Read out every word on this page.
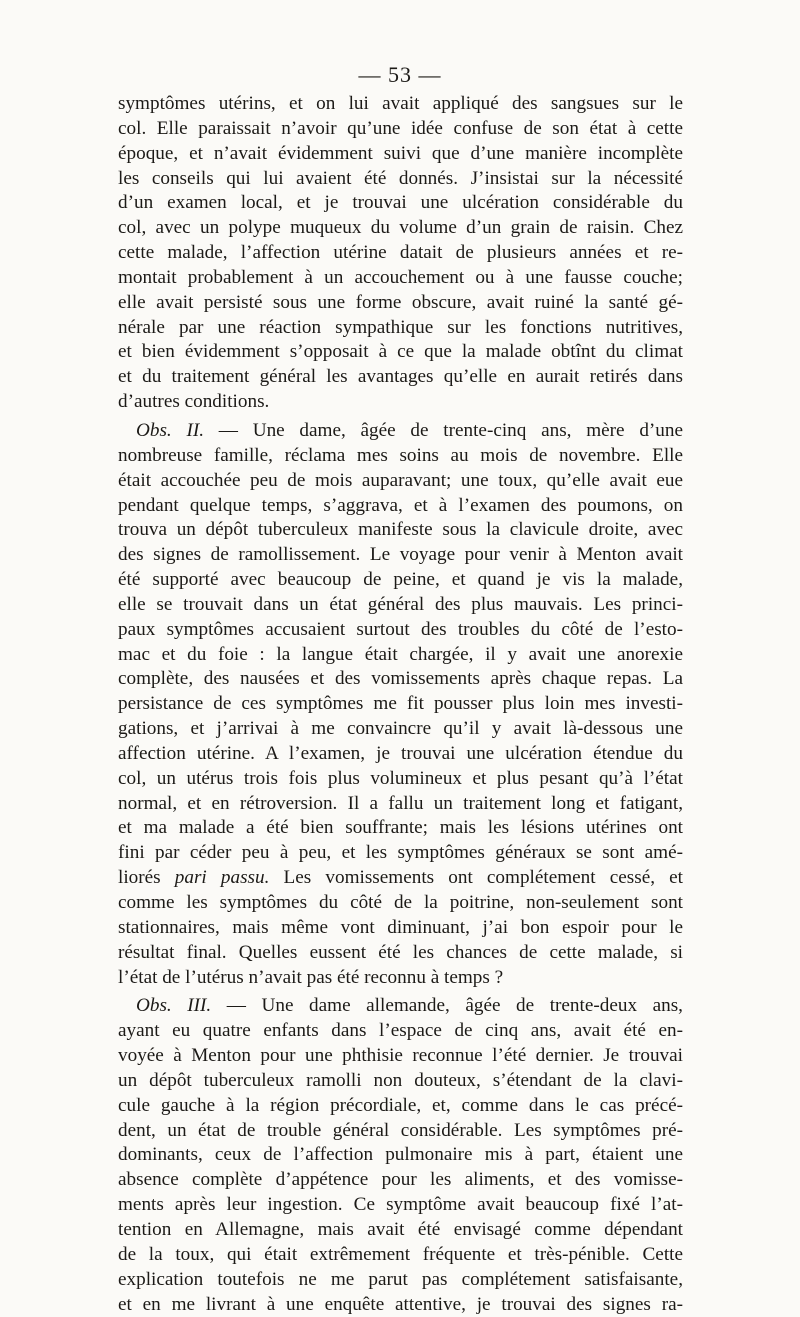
— 53 —
symptômes utérins, et on lui avait appliqué des sangsues sur le
col. Elle paraissait n’avoir qu’une idée confuse de son état à cette
époque, et n’avait évidemment suivi que d’une manière incomplète
les conseils qui lui avaient été donnés. J’insistai sur la nécessité
d’un examen local, et je trouvai une ulcération considérable du
col, avec un polype muqueux du volume d’un grain de raisin. Chez
cette malade, l’affection utérine datait de plusieurs années et re-
montait probablement à un accouchement ou à une fausse couche;
elle avait persisté sous une forme obscure, avait ruiné la santé gé-
nérale par une réaction sympathique sur les fonctions nutritives,
et bien évidemment s’opposait à ce que la malade obtînt du climat
et du traitement général les avantages qu’elle en aurait retirés dans
d’autres conditions.
Obs. II. — Une dame, âgée de trente-cinq ans, mère d’une
nombreuse famille, réclama mes soins au mois de novembre. Elle
était accouchée peu de mois auparavant; une toux, qu’elle avait eue
pendant quelque temps, s’aggrava, et à l’examen des poumons, on
trouva un dépôt tuberculeux manifeste sous la clavicule droite, avec
des signes de ramollissement. Le voyage pour venir à Menton avait
été supporté avec beaucoup de peine, et quand je vis la malade,
elle se trouvait dans un état général des plus mauvais. Les princi-
paux symptômes accusaient surtout des troubles du côté de l’esto-
mac et du foie : la langue était chargée, il y avait une anorexie
complète, des nausées et des vomissements après chaque repas. La
persistance de ces symptômes me fit pousser plus loin mes investi-
gations, et j’arrivai à me convaincre qu’il y avait là-dessous une
affection utérine. A l’examen, je trouvai une ulcération étendue du
col, un utérus trois fois plus volumineux et plus pesant qu’à l’état
normal, et en rétroversion. Il a fallu un traitement long et fatigant,
et ma malade a été bien souffrante; mais les lésions utérines ont
fini par céder peu à peu, et les symptômes généraux se sont amé-
liorés pari passu. Les vomissements ont complétement cessé, et
comme les symptômes du côté de la poitrine, non-seulement sont
stationnaires, mais même vont diminuant, j’ai bon espoir pour le
résultat final. Quelles eussent été les chances de cette malade, si
l’état de l’utérus n’avait pas été reconnu à temps ?
Obs. III. — Une dame allemande, âgée de trente-deux ans,
ayant eu quatre enfants dans l’espace de cinq ans, avait été en-
voyée à Menton pour une phthisie reconnue l’été dernier. Je trouvai
un dépôt tuberculeux ramolli non douteux, s’étendant de la clavi-
cule gauche à la région précordiale, et, comme dans le cas précé-
dent, un état de trouble général considérable. Les symptômes pré-
dominants, ceux de l’affection pulmonaire mis à part, étaient une
absence complète d’appétence pour les aliments, et des vomisse-
ments après leur ingestion. Ce symptôme avait beaucoup fixé l’at-
tention en Allemagne, mais avait été envisagé comme dépendant
de la toux, qui était extrêmement fréquente et très-pénible. Cette
explication toutefois ne me parut pas complétement satisfaisante,
et en me livrant à une enquête attentive, je trouvai des signes ra-
